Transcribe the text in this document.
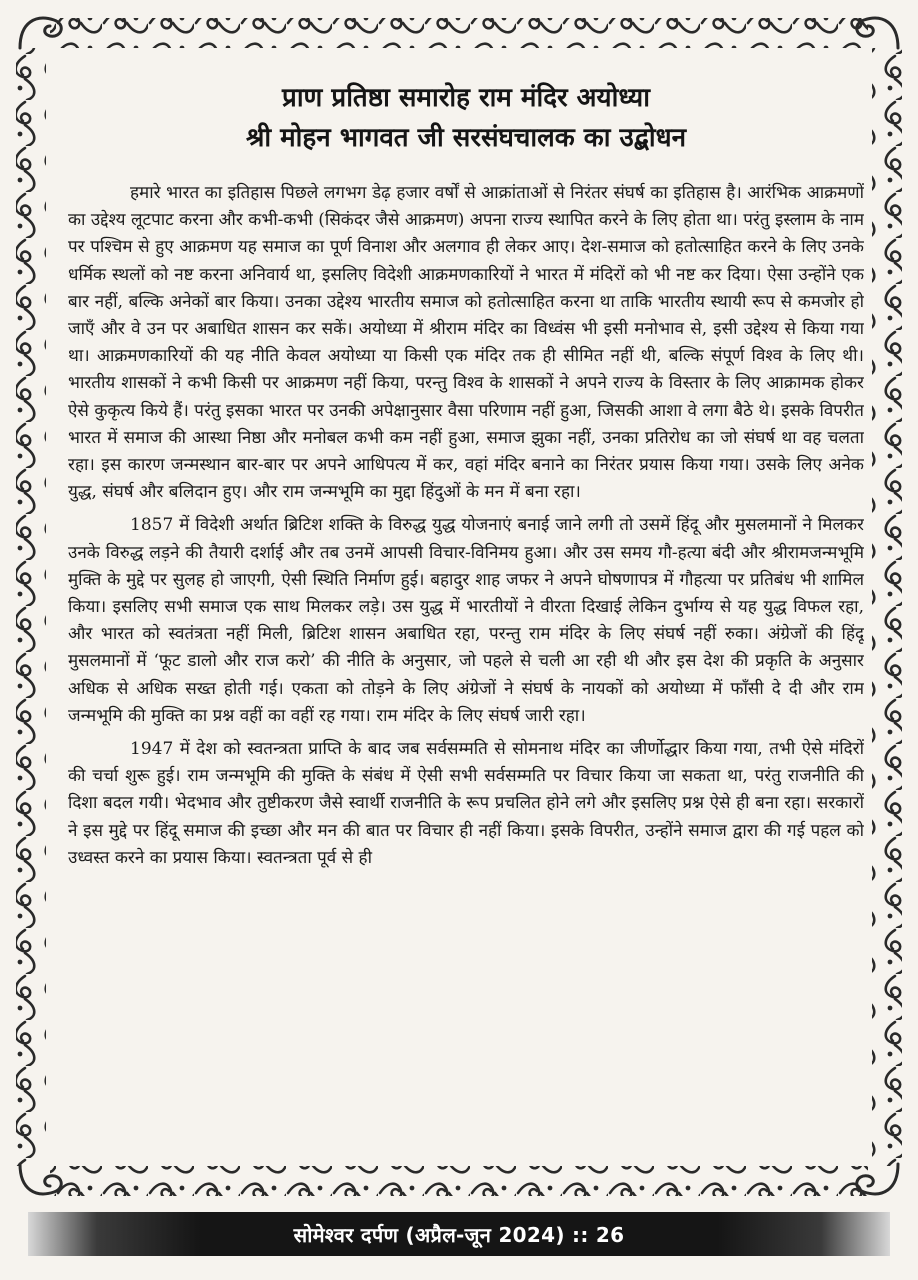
प्राण प्रतिष्ठा समारोह राम मंदिर अयोध्या
श्री मोहन भागवत जी सरसंघचालक का उद्बोधन

हमारे भारत का इतिहास पिछले लगभग डेढ़ हजार वर्षों से आक्रांताओं से निरंतर संघर्ष का इतिहास है। आरंभिक आक्रमणों का उद्देश्य लूटपाट करना और कभी-कभी (सिकंदर जैसे आक्रमण) अपना राज्य स्थापित करने के लिए होता था। परंतु इस्लाम के नाम पर पश्चिम से हुए आक्रमण यह समाज का पूर्ण विनाश और अलगाव ही लेकर आए। देश-समाज को हतोत्साहित करने के लिए उनके धर्मिक स्थलों को नष्ट करना अनिवार्य था, इसलिए विदेशी आक्रमणकारियों ने भारत में मंदिरों को भी नष्ट कर दिया। ऐसा उन्होंने एक बार नहीं, बल्कि अनेकों बार किया। उनका उद्देश्य भारतीय समाज को हतोत्साहित करना था ताकि भारतीय स्थायी रूप से कमजोर हो जाएँ और वे उन पर अबाधित शासन कर सकें। अयोध्या में श्रीराम मंदिर का विध्वंस भी इसी मनोभाव से, इसी उद्देश्य से किया गया था। आक्रमणकारियों की यह नीति केवल अयोध्या या किसी एक मंदिर तक ही सीमित नहीं थी, बल्कि संपूर्ण विश्व के लिए थी। भारतीय शासकों ने कभी किसी पर आक्रमण नहीं किया, परन्तु विश्व के शासकों ने अपने राज्य के विस्तार के लिए आक्रामक होकर ऐसे कुकृत्य किये हैं। परंतु इसका भारत पर उनकी अपेक्षानुसार वैसा परिणाम नहीं हुआ, जिसकी आशा वे लगा बैठे थे। इसके विपरीत भारत में समाज की आस्था निष्ठा और मनोबल कभी कम नहीं हुआ, समाज झुका नहीं, उनका प्रतिरोध का जो संघर्ष था वह चलता रहा। इस कारण जन्मस्थान बार-बार पर अपने आधिपत्य में कर, वहां मंदिर बनाने का निरंतर प्रयास किया गया। उसके लिए अनेक युद्ध, संघर्ष और बलिदान हुए। और राम जन्मभूमि का मुद्दा हिंदुओं के मन में बना रहा।

1857 में विदेशी अर्थात ब्रिटिश शक्ति के विरुद्ध युद्ध योजनाएं बनाई जाने लगी तो उसमें हिंदू और मुसलमानों ने मिलकर उनके विरुद्ध लड़ने की तैयारी दर्शाई और तब उनमें आपसी विचार-विनिमय हुआ। और उस समय गौ-हत्या बंदी और श्रीरामजन्मभूमि मुक्ति के मुद्दे पर सुलह हो जाएगी, ऐसी स्थिति निर्माण हुई। बहादुर शाह जफर ने अपने घोषणापत्र में गौहत्या पर प्रतिबंध भी शामिल किया। इसलिए सभी समाज एक साथ मिलकर लड़े। उस युद्ध में भारतीयों ने वीरता दिखाई लेकिन दुर्भाग्य से यह युद्ध विफल रहा, और भारत को स्वतंत्रता नहीं मिली, ब्रिटिश शासन अबाधित रहा, परन्तु राम मंदिर के लिए संघर्ष नहीं रुका। अंग्रेजों की हिंदू मुसलमानों में ‘फूट डालो और राज करो’ की नीति के अनुसार, जो पहले से चली आ रही थी और इस देश की प्रकृति के अनुसार अधिक से अधिक सख्त होती गई। एकता को तोड़ने के लिए अंग्रेजों ने संघर्ष के नायकों को अयोध्या में फाँसी दे दी और राम जन्मभूमि की मुक्ति का प्रश्न वहीं का वहीं रह गया। राम मंदिर के लिए संघर्ष जारी रहा।

1947 में देश को स्वतन्त्रता प्राप्ति के बाद जब सर्वसम्मति से सोमनाथ मंदिर का जीर्णोद्धार किया गया, तभी ऐसे मंदिरों की चर्चा शुरू हुई। राम जन्मभूमि की मुक्ति के संबंध में ऐसी सभी सर्वसम्मति पर विचार किया जा सकता था, परंतु राजनीति की दिशा बदल गयी। भेदभाव और तुष्टीकरण जैसे स्वार्थी राजनीति के रूप प्रचलित होने लगे और इसलिए प्रश्न ऐसे ही बना रहा। सरकारों ने इस मुद्दे पर हिंदू समाज की इच्छा और मन की बात पर विचार ही नहीं किया। इसके विपरीत, उन्होंने समाज द्वारा की गई पहल को उध्वस्त करने का प्रयास किया। स्वतन्त्रता पूर्व से ही

सोमेश्वर दर्पण (अप्रैल-जून 2024) :: 26
